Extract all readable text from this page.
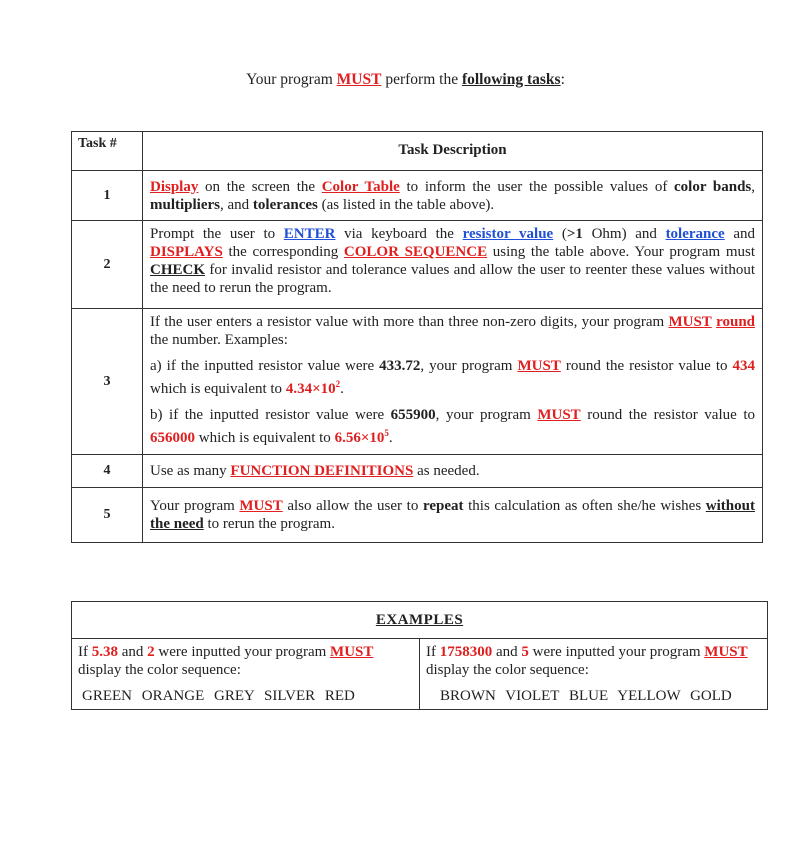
Your program MUST perform the following tasks:
Task #	Task Description
1	Display on the screen the Color Table to inform the user the possible values of color bands, multipliers, and tolerances (as listed in the table above).
2	Prompt the user to ENTER via keyboard the resistor value (>1 Ohm) and tolerance and DISPLAYS the corresponding COLOR SEQUENCE using the table above. Your program must CHECK for invalid resistor and tolerance values and allow the user to reenter these values without the need to rerun the program.
3	If the user enters a resistor value with more than three non-zero digits, your program MUST round the number. Examples:

a) if the inputted resistor value were 433.72, your program MUST round the resistor value to 434 which is equivalent to $4.34\times 10^2$.

b) if the inputted resistor value were 655900, your program MUST round the resistor value to 656000 which is equivalent to $6.56\times 10^5$.

4	Use as many FUNCTION DEFINITIONS as needed.
5	Your program MUST also allow the user to repeat this calculation as often she/he wishes without the need to rerun the program.
EXAMPLES

If 5.38 and 2 were inputted your program MUST display the color sequence:
GREEN ORANGE GREY SILVER RED

If 1758300 and 5 were inputted your program MUST display the color sequence:
BROWN VIOLET BLUE YELLOW GOLD
